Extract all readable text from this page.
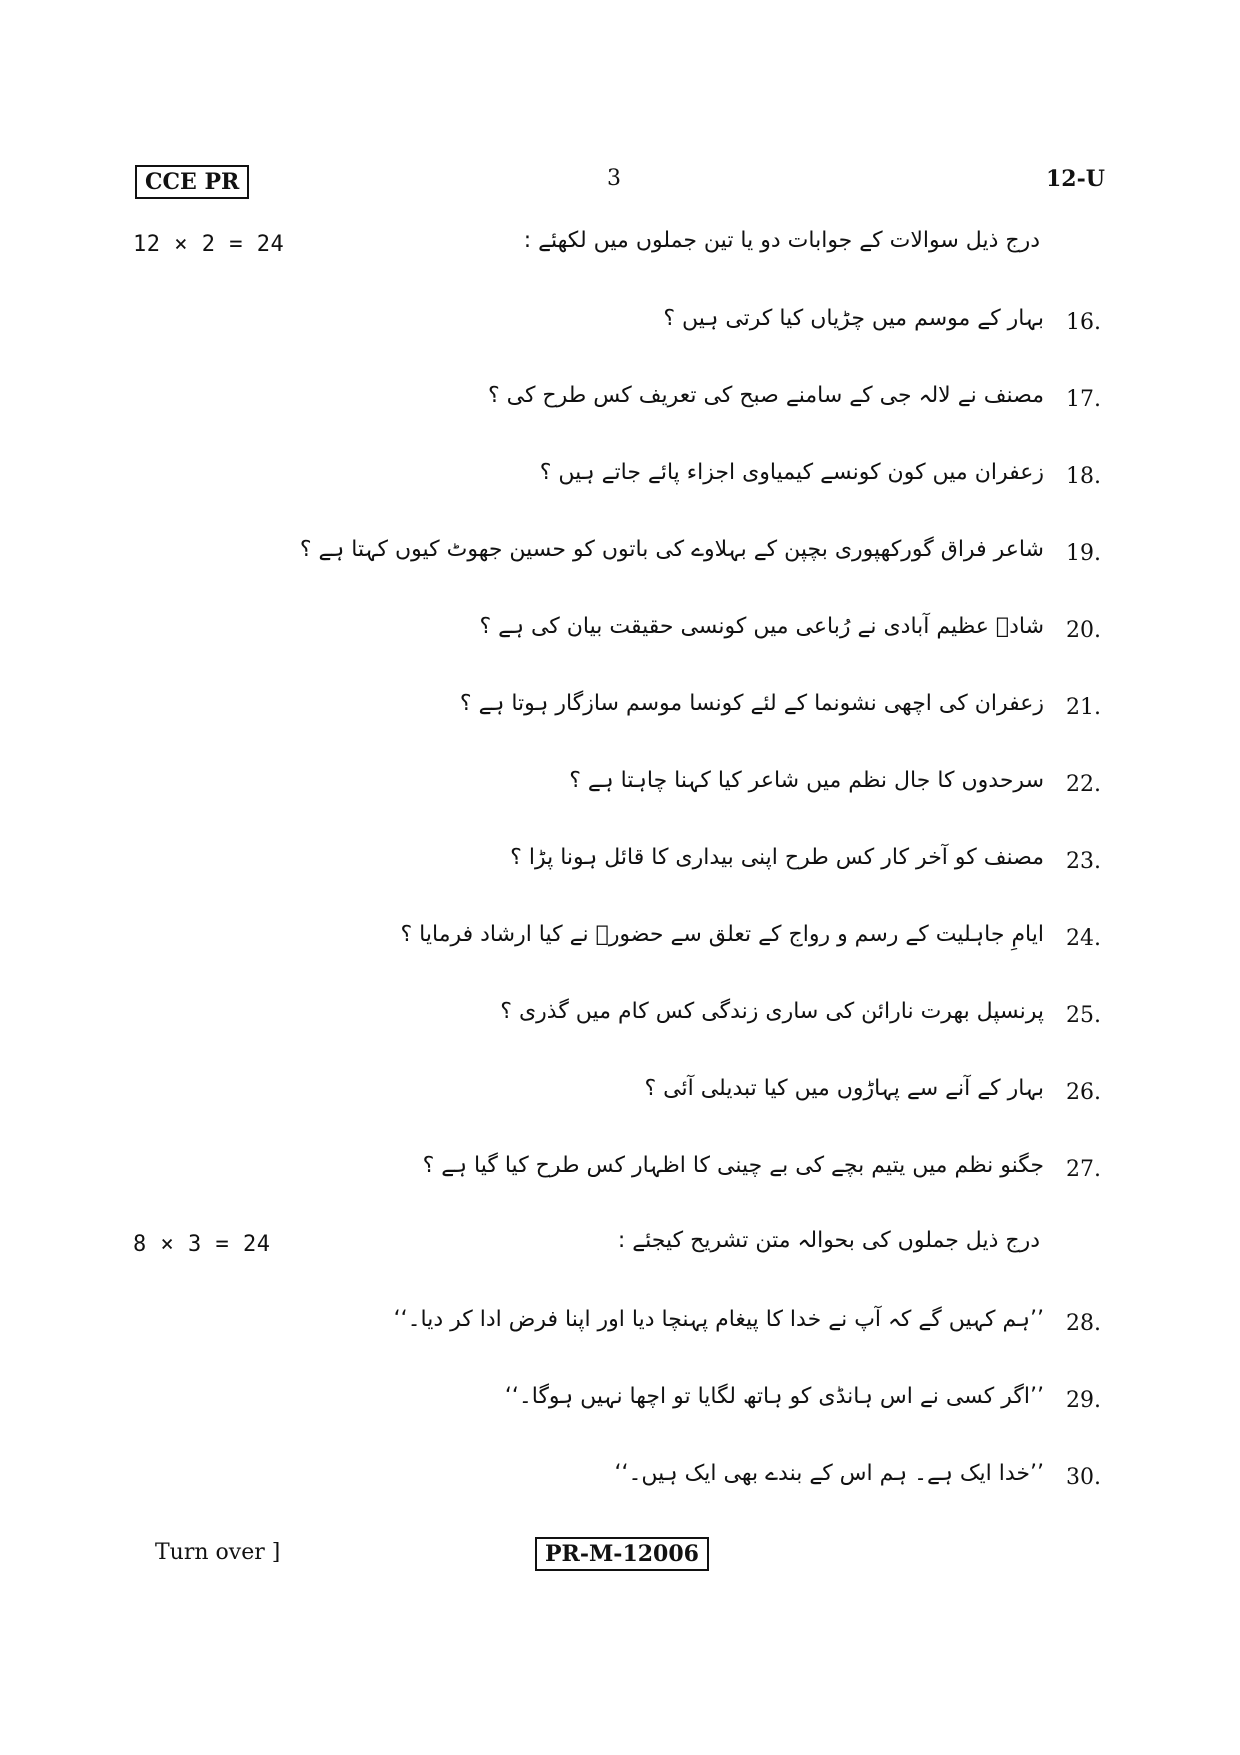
CCE PR	3	12-U
12 × 2 = 24	درج ذیل سوالات کے جوابات دو یا تین جملوں میں لکھئے :
16.
بہار کے موسم میں چڑیاں کیا کرتی ہیں ؟
17.
مصنف نے لالہ جی کے سامنے صبح کی تعریف کس طرح کی ؟
18.
زعفران میں کون کونسے کیمیاوی اجزاء پائے جاتے ہیں ؟
19.
شاعر فراق گورکھپوری بچپن کے بہلاوے کی باتوں کو حسین جھوٹ کیوں کہتا ہے ؟
20.
شادؔ عظیم آبادی نے رُباعی میں کونسی حقیقت بیان کی ہے ؟
21.
زعفران کی اچھی نشونما کے لئے کونسا موسم سازگار ہوتا ہے ؟
22.
سرحدوں کا جال نظم میں شاعر کیا کہنا چاہتا ہے ؟
23.
مصنف کو آخر کار کس طرح اپنی بیداری کا قائل ہونا پڑا ؟
24.
ایامِ جاہلیت کے رسم و رواج کے تعلق سے حضورؐ نے کیا ارشاد فرمایا ؟
25.
پرنسپل بھرت نارائن کی ساری زندگی کس کام میں گذری ؟
26.
بہار کے آنے سے پہاڑوں میں کیا تبدیلی آئی ؟
27.
جگنو نظم میں یتیم بچے کی بے چینی کا اظہار کس طرح کیا گیا ہے ؟
8 × 3 = 24	درج ذیل جملوں کی بحوالہ متن تشریح کیجئے :
28.
’’ہم کہیں گے کہ آپ نے خدا کا پیغام پہنچا دیا اور اپنا فرض ادا کر دیا۔‘‘
29.
’’اگر کسی نے اس ہانڈی کو ہاتھ لگایا تو اچھا نہیں ہوگا۔‘‘
30.
’’خدا ایک ہے۔ ہم اس کے بندے بھی ایک ہیں۔‘‘
Turn over ]	PR-M-12006
